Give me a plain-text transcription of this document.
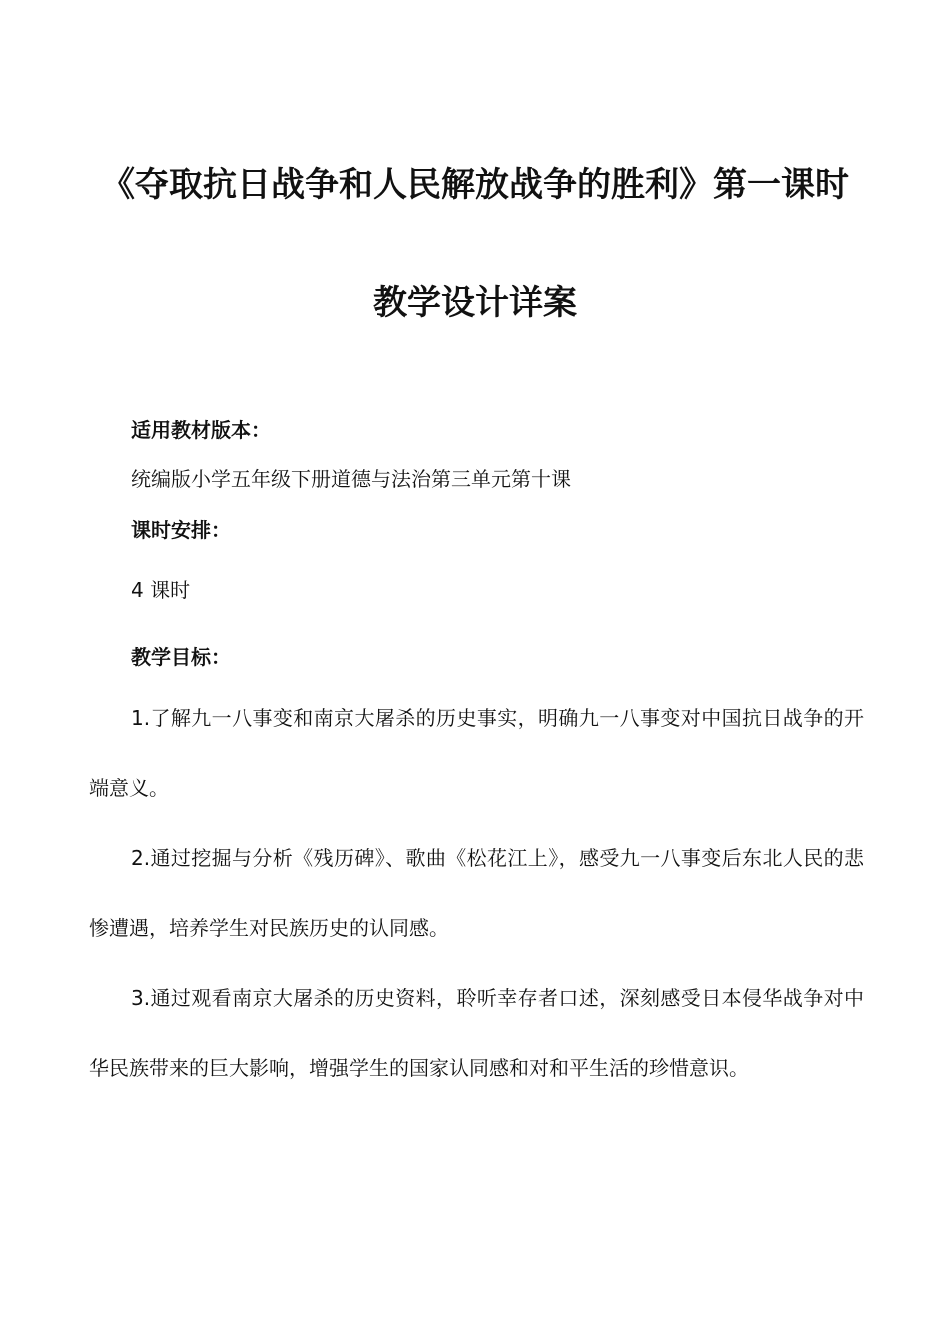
《夺取抗日战争和人民解放战争的胜利》第一课时
教学设计详案
适用教材版本：
统编版小学五年级下册道德与法治第三单元第十课
课时安排：
4 课时
教学目标：
1.了解九一八事变和南京大屠杀的历史事实，明确九一八事变对中国抗日战争的开端意义。
2.通过挖掘与分析《残历碑》、歌曲《松花江上》，感受九一八事变后东北人民的悲惨遭遇，培养学生对民族历史的认同感。
3.通过观看南京大屠杀的历史资料，聆听幸存者口述，深刻感受日本侵华战争对中华民族带来的巨大影响，增强学生的国家认同感和对和平生活的珍惜意识。
